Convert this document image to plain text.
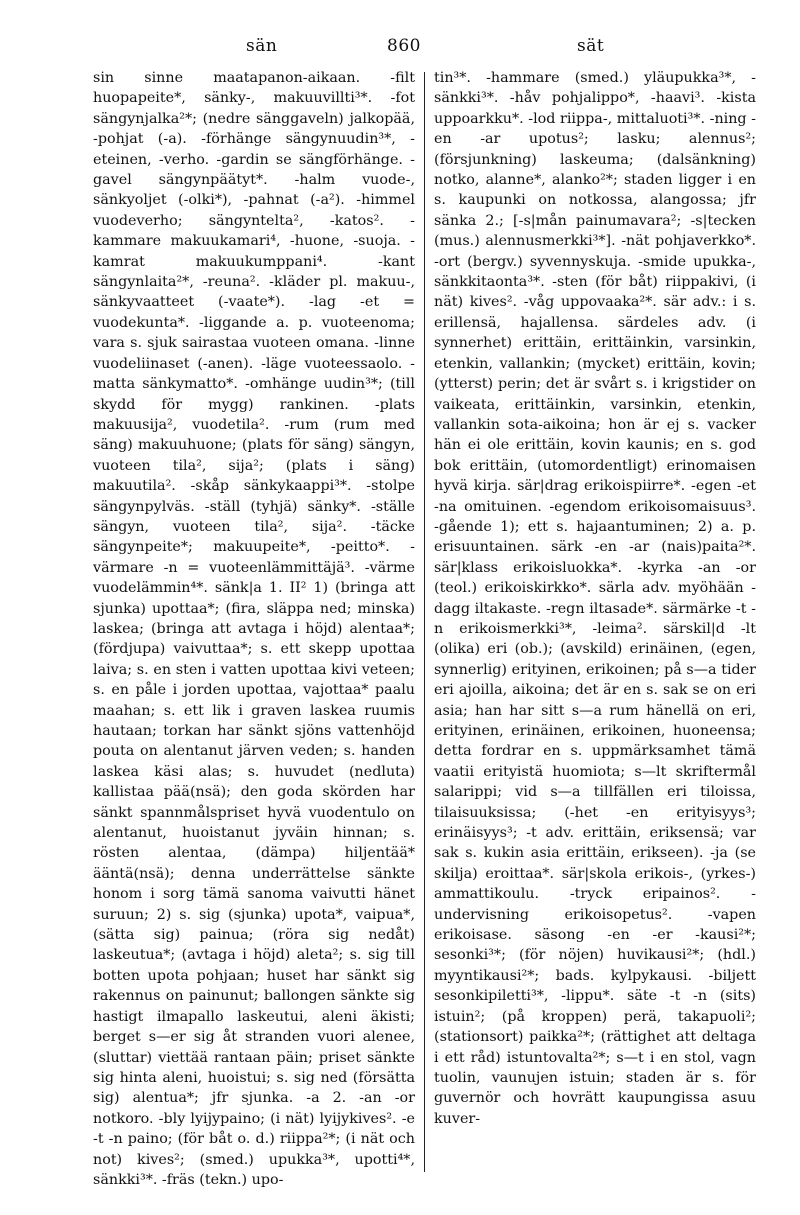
sän	860	sät

sin sinne maatapanon-aikaan. -filt huopapeite*, sänky-, makuuvillti³*. -fot sängynjalka²*; (nedre sänggaveln) jalkopää, -pohjat (-a). -förhänge sängynuudin³*, -eteinen, -verho. -gardin se sängförhänge. -gavel sängynpäätyt*. -halm vuode-, sänkyoljet (-olki*), -pahnat (-a²). -himmel vuodeverho; sängyntelta², -katos². -kammare makuukamari⁴, -huone, -suoja. -kamrat makuukumppani⁴. -kant sängynlaita²*, -reuna². -kläder pl. makuu-, sänkyvaatteet (-vaate*). -lag -et = vuodekunta*. -liggande a. p. vuoteenoma; vara s. sjuk sairastaa vuoteen omana. -linne vuodeliinaset (-anen). -läge vuoteessaolo. -matta sänkymatto*. -omhänge uudin³*; (till skydd för mygg) rankinen. -plats makuusija², vuodetila². -rum (rum med säng) makuuhuone; (plats för säng) sängyn, vuoteen tila², sija²; (plats i säng) makuutila². -skåp sänkykaappi³*. -stolpe sängynpylväs. -ställ (tyhjä) sänky*. -ställe sängyn, vuoteen tila², sija². -täcke sängynpeite*; makuupeite*, -peitto*. -värmare -n = vuoteenlämmittäjä³. -värme vuodelämmin⁴*. sänk|a 1. II² 1) (bringa att sjunka) upottaa*; (fira, släppa ned; minska) laskea; (bringa att avtaga i höjd) alentaa*; (fördjupa) vaivuttaa*; s. ett skepp upottaa laiva; s. en sten i vatten upottaa kivi veteen; s. en påle i jorden upottaa, vajottaa* paalu maahan; s. ett lik i graven laskea ruumis hautaan; torkan har sänkt sjöns vattenhöjd pouta on alentanut järven veden; s. handen laskea käsi alas; s. huvudet (nedluta) kallistaa pää(nsä); den goda skörden har sänkt spannmålspriset hyvä vuodentulo on alentanut, huoistanut jyväin hinnan; s. rösten alentaa, (dämpa) hiljentää* ääntä(nsä); denna underrättelse sänkte honom i sorg tämä sanoma vaivutti hänet suruun; 2) s. sig (sjunka) upota*, vaipua*, (sätta sig) painua; (röra sig nedåt) laskeutua*; (avtaga i höjd) aleta²; s. sig till botten upota pohjaan; huset har sänkt sig rakennus on painunut; ballongen sänkte sig hastigt ilmapallo laskeutui, aleni äkisti; berget s—er sig åt stranden vuori alenee, (sluttar) viettää rantaan päin; priset sänkte sig hinta aleni, huoistui; s. sig ned (försätta sig) alentua*; jfr sjunka. -a 2. -an -or notkoro. -bly lyijypaino; (i nät) lyijykives². -e -t -n paino; (för båt o. d.) riippa²*; (i nät och not) kives²; (smed.) upukka³*, upotti⁴*, sänkki³*. -fräs (tekn.) upo-

tin³*. -hammare (smed.) yläupukka³*, -sänkki³*. -håv pohjalippo*, -haavi³. -kista uppoarkku*. -lod riippa-, mittaluoti³*. -ning -en -ar upotus²; lasku; alennus²; (försjunkning) laskeuma; (dalsänkning) notko, alanne*, alanko²*; staden ligger i en s. kaupunki on notkossa, alangossa; jfr sänka 2.; [-s|mån painumavara²; -s|tecken (mus.) alennusmerkki³*]. -nät pohjaverkko*. -ort (bergv.) syvennyskuja. -smide upukka-, sänkkitaonta³*. -sten (för båt) riippakivi, (i nät) kives². -våg uppovaaka²*. sär adv.: i s. erillensä, hajallensa. särdeles adv. (i synnerhet) erittäin, erittäinkin, varsinkin, etenkin, vallankin; (mycket) erittäin, kovin; (ytterst) perin; det är svårt s. i krigstider on vaikeata, erittäinkin, varsinkin, etenkin, vallankin sota-aikoina; hon är ej s. vacker hän ei ole erittäin, kovin kaunis; en s. god bok erittäin, (utomordentligt) erinomaisen hyvä kirja. sär|drag erikoispiirre*. -egen -et -na omituinen. -egendom erikoisomaisuus³. -gående 1); ett s. hajaantuminen; 2) a. p. erisuuntainen. särk -en -ar (nais)paita²*. sär|klass erikoisluokka*. -kyrka -an -or (teol.) erikoiskirkko*. särla adv. myöhään -dagg iltakaste. -regn iltasade*. särmärke -t -n erikoismerkki³*, -leima². särskil|d -lt (olika) eri (ob.); (avskild) erinäinen, (egen, synnerlig) erityinen, erikoinen; på s—a tider eri ajoilla, aikoina; det är en s. sak se on eri asia; han har sitt s—a rum hänellä on eri, erityinen, erinäinen, erikoinen, huoneensa; detta fordrar en s. uppmärksamhet tämä vaatii erityistä huomiota; s—lt skriftermål salarippi; vid s—a tillfällen eri tiloissa, tilaisuuksissa; (-het -en erityisyys³; erinäisyys³; -t adv. erittäin, eriksensä; var sak s. kukin asia erittäin, erikseen). -ja (se skilja) eroittaa*. sär|skola erikois-, (yrkes-) ammattikoulu. -tryck eripainos². -undervisning erikoisopetus². -vapen erikoisase. säsong -en -er -kausi²*; sesonki³*; (för nöjen) huvikausi²*; (hdl.) myyntikausi²*; bads. kylpykausi. -biljett sesonkipiletti³*, -lippu*. säte -t -n (sits) istuin²; (på kroppen) perä, takapuoli²; (stationsort) paikka²*; (rättighet att deltaga i ett råd) istuntovalta²*; s—t i en stol, vagn tuolin, vaunujen istuin; staden är s. för guvernör och hovrätt kaupungissa asuu kuver-
